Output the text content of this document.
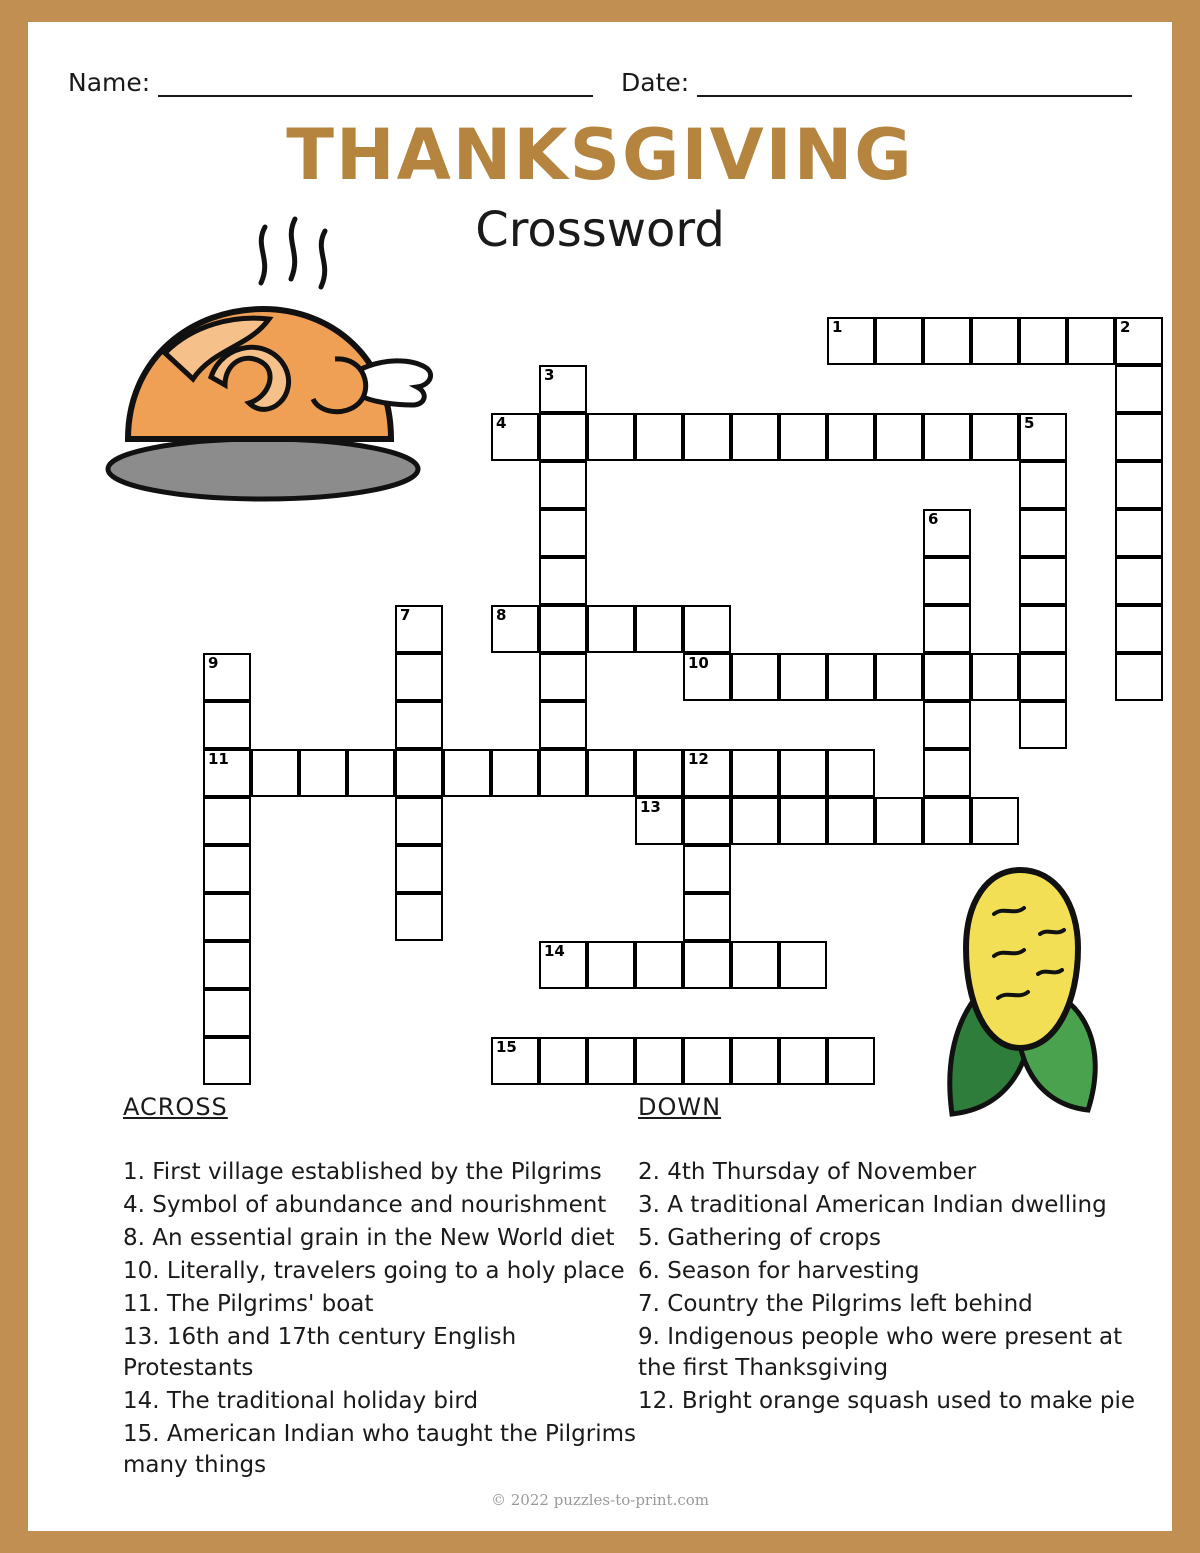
Name:	Date:
THANKSGIVING
Crossword
1	2
3
4	5
6
7	8
9
11
10
12
13
14
15
ACROSS
1. First village established by the Pilgrims
4. Symbol of abundance and nourishment
8. An essential grain in the New World diet
10. Literally, travelers going to a holy place
11. The Pilgrims' boat
13. 16th and 17th century English Protestants
14. The traditional holiday bird
15. American Indian who taught the Pilgrims many things
DOWN
2. 4th Thursday of November
3. A traditional American Indian dwelling
5. Gathering of crops
6. Season for harvesting
7. Country the Pilgrims left behind
9. Indigenous people who were present at the first Thanksgiving
12. Bright orange squash used to make pie
© 2022 puzzles-to-print.com
